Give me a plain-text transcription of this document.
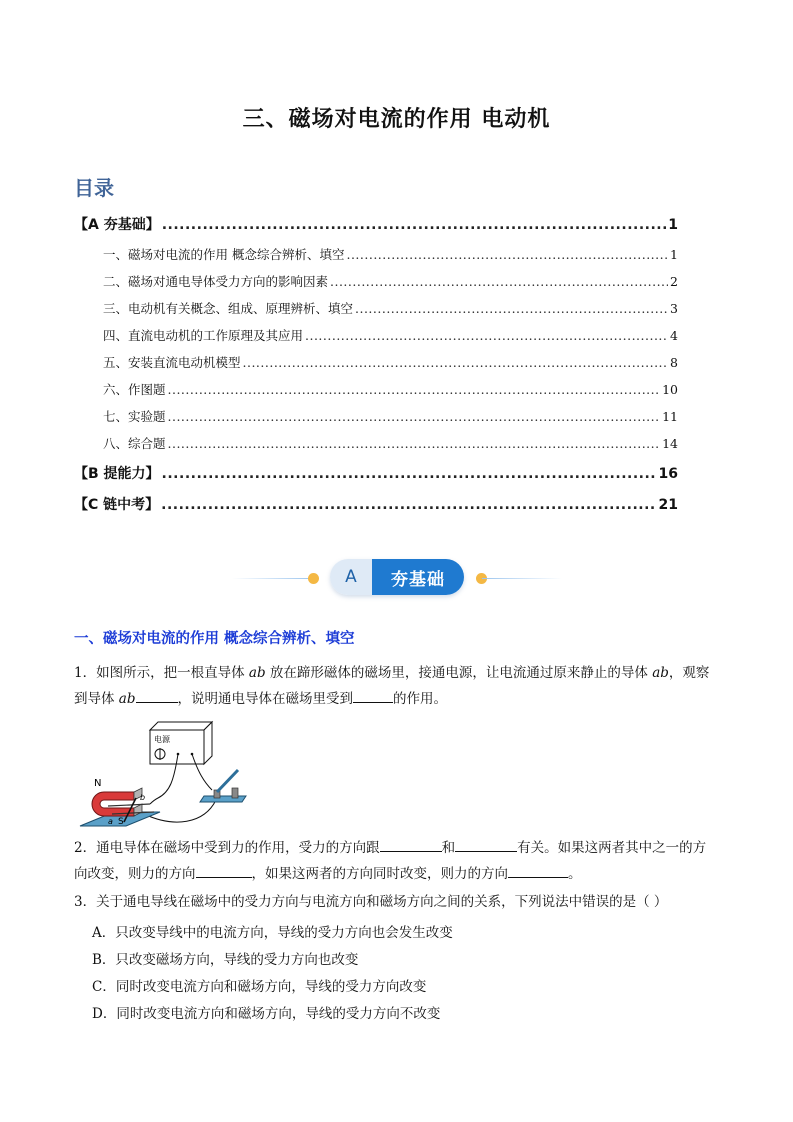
三、磁场对电流的作用 电动机
目录
【A 夯基础】 .....	1
一、磁场对电流的作用 概念综合辨析、填空 .....	1
二、磁场对通电导体受力方向的影响因素 .....	2
三、电动机有关概念、组成、原理辨析、填空 .....	3
四、直流电动机的工作原理及其应用 .....	4
五、安装直流电动机模型 .....	8
六、作图题 .....	10
七、实验题 .....	11
八、综合题 .....	14
【B 提能力】 .....	16
【C 链中考】 .....	21
A	夯基础
一、磁场对电流的作用 概念综合辨析、填空
1．如图所示，把一根直导体 ab 放在蹄形磁体的磁场里，接通电源，让电流通过原来静止的导体 ab，观察
到导体 ab	，说明通电导体在磁场里受到	的作用。
电源
N
S
b
a
2．通电导体在磁场中受到力的作用，受力的方向跟	和	有关。如果这两者其中之一的方
向改变，则力的方向	，如果这两者的方向同时改变，则力的方向	。
3．关于通电导线在磁场中的受力方向与电流方向和磁场方向之间的关系，下列说法中错误的是（ ）
A．只改变导线中的电流方向，导线的受力方向也会发生改变
B．只改变磁场方向，导线的受力方向也改变
C．同时改变电流方向和磁场方向，导线的受力方向改变
D．同时改变电流方向和磁场方向，导线的受力方向不改变
